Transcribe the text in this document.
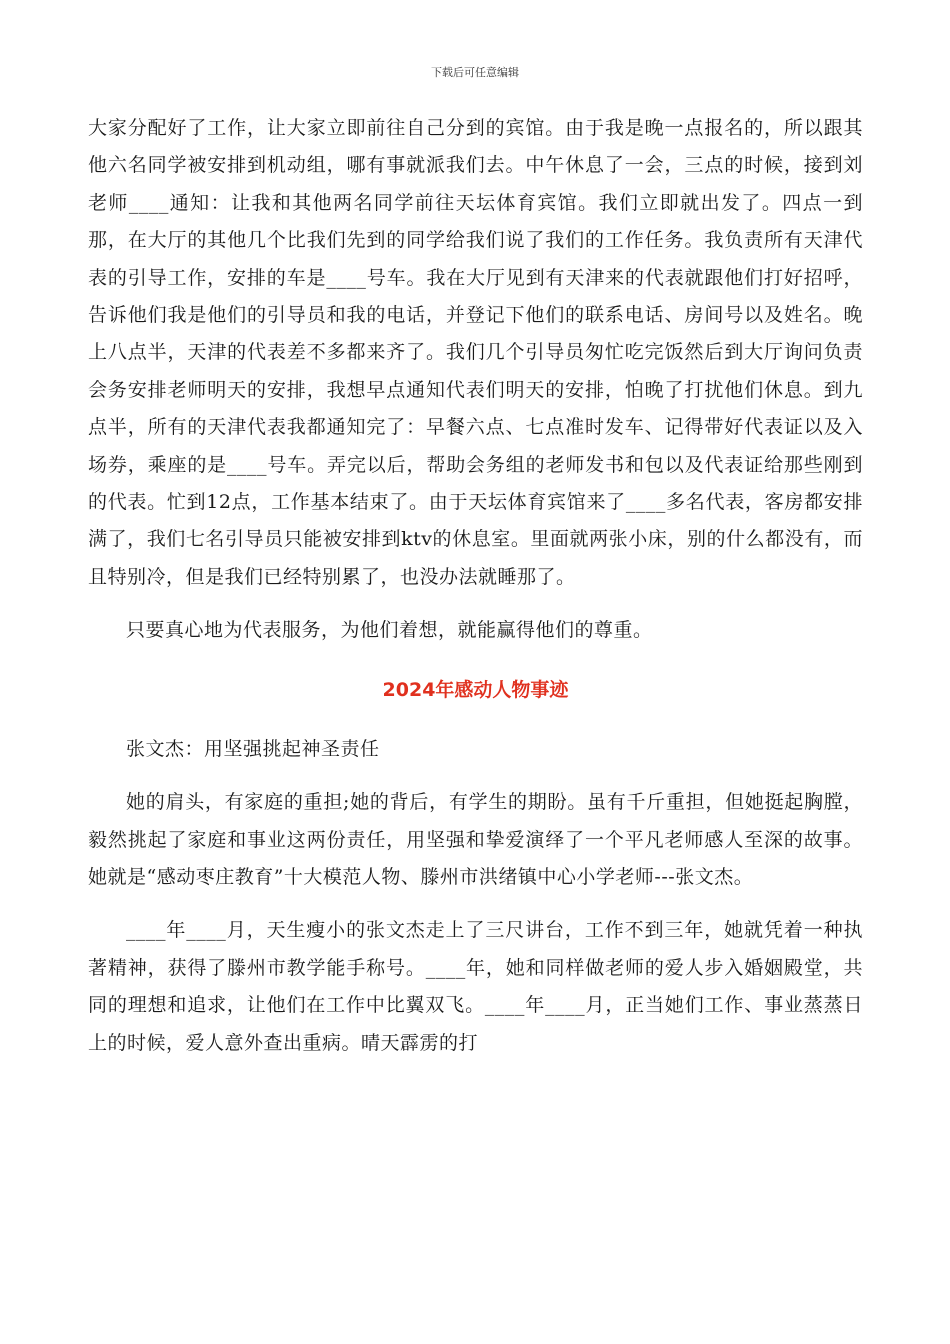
下载后可任意编辑

大家分配好了工作，让大家立即前往自己分到的宾馆。由于我是晚一点报名的，所以跟其他六名同学被安排到机动组，哪有事就派我们去。中午休息了一会，三点的时候，接到刘老师____通知：让我和其他两名同学前往天坛体育宾馆。我们立即就出发了。四点一到那，在大厅的其他几个比我们先到的同学给我们说了我们的工作任务。我负责所有天津代表的引导工作，安排的车是____号车。我在大厅见到有天津来的代表就跟他们打好招呼，告诉他们我是他们的引导员和我的电话，并登记下他们的联系电话、房间号以及姓名。晚上八点半，天津的代表差不多都来齐了。我们几个引导员匆忙吃完饭然后到大厅询问负责会务安排老师明天的安排，我想早点通知代表们明天的安排，怕晚了打扰他们休息。到九点半，所有的天津代表我都通知完了：早餐六点、七点准时发车、记得带好代表证以及入场券，乘座的是____号车。弄完以后，帮助会务组的老师发书和包以及代表证给那些刚到的代表。忙到12点，工作基本结束了。由于天坛体育宾馆来了____多名代表，客房都安排满了，我们七名引导员只能被安排到ktv的休息室。里面就两张小床，别的什么都没有，而且特别冷，但是我们已经特别累了，也没办法就睡那了。

只要真心地为代表服务，为他们着想，就能赢得他们的尊重。

2024年感动人物事迹

张文杰：用坚强挑起神圣责任

她的肩头，有家庭的重担;她的背后，有学生的期盼。虽有千斤重担，但她挺起胸膛，毅然挑起了家庭和事业这两份责任，用坚强和挚爱演绎了一个平凡老师感人至深的故事。她就是“感动枣庄教育”十大模范人物、滕州市洪绪镇中心小学老师---张文杰。

____年____月，天生瘦小的张文杰走上了三尺讲台，工作不到三年，她就凭着一种执著精神，获得了滕州市教学能手称号。____年，她和同样做老师的爱人步入婚姻殿堂，共同的理想和追求，让他们在工作中比翼双飞。____年____月，正当她们工作、事业蒸蒸日上的时候，爱人意外查出重病。晴天霹雳的打
